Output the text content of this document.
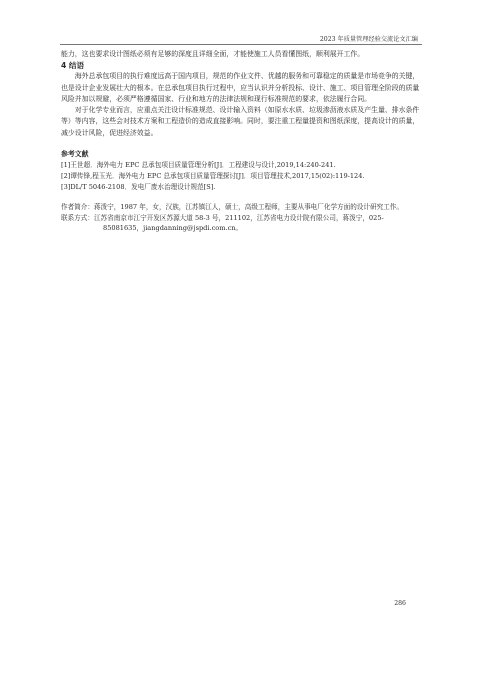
2023 年质量管理经验交流论文汇编

能力，这也要求设计图纸必须有足够的深度且详细全面，才能使施工人员看懂图纸，顺利展开工作。

4 结语

海外总承包项目的执行难度远高于国内项目，规范的作业文件、优越的服务和可靠稳定的质量是市场竞争的关键，也是设计企业发展壮大的根本。在总承包项目执行过程中，应当认识并分析投标、设计、施工、项目管理全阶段的质量风险并加以规避，必须严格遵循国家、行业和地方的法律法规和现行标准规范的要求，依法履行合同。

对于化学专业而言，应重点关注设计标准规范、设计输入资料（如原水水质、垃圾渗沥液水质及产生量、排水条件等）等内容，这些会对技术方案和工程造价的造成直接影响。同时，要注重工程量提资和图纸深度，提高设计的质量，减少设计风险，促进经济效益。

参考文献
[1]王世超．海外电力 EPC 总承包项目质量管理分析[J]．工程建设与设计,2019,14:240-241.
[2]谭传锋,程玉光．海外电力 EPC 总承包项目质量管理探讨[J]．项目管理技术,2017,15(02):119-124.
[3]DL/T 5046-2108．发电厂废水治理设计规范[S].
作者简介：蒋泼宁，1987 年，女，汉族，江苏镇江人，硕士，高级工程师，主要从事电厂化学方面的设计研究工作。
联系方式：江苏省南京市江宁开发区苏源大道 58-3 号，211102，江苏省电力设计院有限公司，蒋泼宁，025-85081635，jiangdanning@jspdi.com.cn。
286
